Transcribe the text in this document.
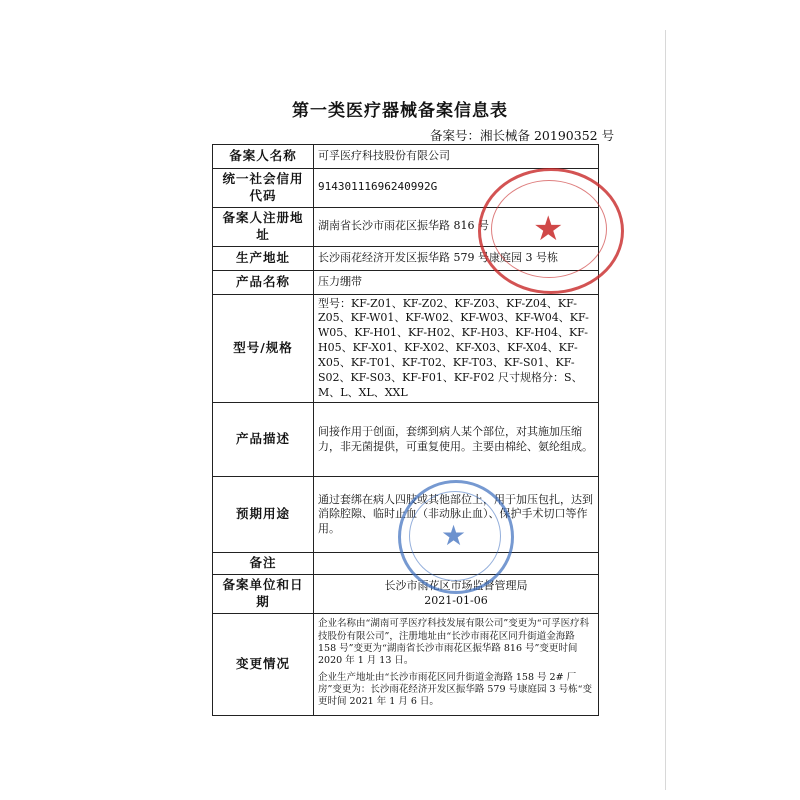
第一类医疗器械备案信息表
备案号：湘长械备 20190352 号
备案人名称	可孚医疗科技股份有限公司
统一社会信用代码	91430111696240992G
备案人注册地址	湖南省长沙市雨花区振华路 816 号
生产地址	长沙雨花经济开发区振华路 579 号康庭园 3 号栋
产品名称	压力绷带
型号/规格	型号：KF-Z01、KF-Z02、KF-Z03、KF-Z04、KF-Z05、KF-W01、KF-W02、KF-W03、KF-W04、KF-W05、KF-H01、KF-H02、KF-H03、KF-H04、KF-H05、KF-X01、KF-X02、KF-X03、KF-X04、KF-X05、KF-T01、KF-T02、KF-T03、KF-S01、KF-S02、KF-S03、KF-F01、KF-F02 尺寸规格分：S、M、L、XL、XXL
产品描述	间接作用于创面，套绑到病人某个部位，对其施加压缩力，非无菌提供，可重复使用。主要由棉纶、氨纶组成。
预期用途	通过套绑在病人四肢或其他部位上，用于加压包扎，达到消除腔隙、临时止血（非动脉止血）、保护手术切口等作用。
备注	
备案单位和日期	长沙市雨花区市场监督管理局
2021-01-06

变更情况	企业名称由“湖南可孚医疗科技发展有限公司”变更为“可孚医疗科技股份有限公司”，注册地址由“长沙市雨花区同升街道金海路 158 号”变更为“湖南省长沙市雨花区振华路 816 号”变更时间 2020 年 1 月 13 日。

企业生产地址由“长沙市雨花区同升街道金海路 158 号 2# 厂房”变更为：长沙雨花经济开发区振华路 579 号康庭园 3 号栋“变更时间 2021 年 1 月 6 日。

★
★
